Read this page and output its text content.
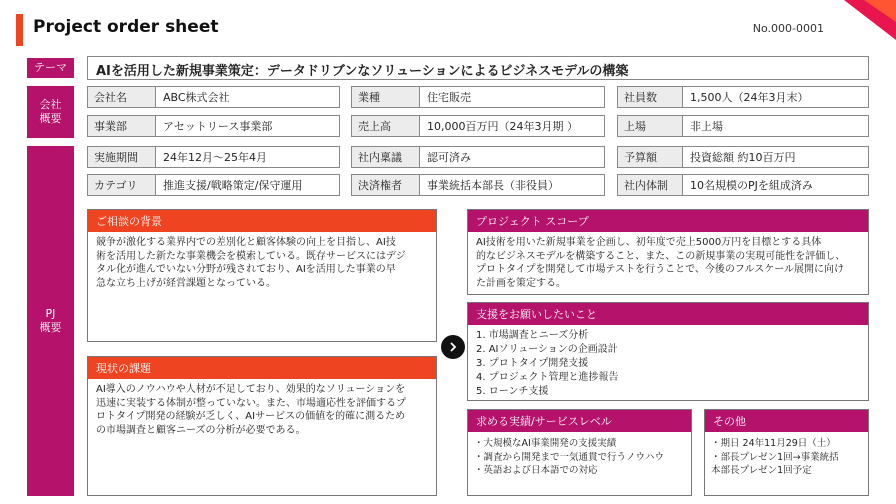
Project order sheet	No.000-0001
テーマ	AIを活用した新規事業策定：データドリブンなソリューションによるビジネスモデルの構築
会社
概要
会社名	ABC株式会社	業種	住宅販売	社員数	1,500人（24年3月末）
事業部	アセットリース事業部	売上高	10,000百万円（24年3月期 ）	上場	非上場
PJ
概要
実施期間	24年12月～25年4月	社内稟議	認可済み	予算額	投資総額 約10百万円
カテゴリ	推進支援/戦略策定/保守運用	決済権者	事業統括本部長（非役員）	社内体制	10名規模のPJを組成済み
ご相談の背景
競争が激化する業界内での差別化と顧客体験の向上を目指し、AI技
術を活用した新たな事業機会を模索している。既存サービスにはデジ
タル化が進んでいない分野が残されており、AIを活用した事業の早
急な立ち上げが経営課題となっている。
現状の課題
AI導入のノウハウや人材が不足しており、効果的なソリューションを
迅速に実装する体制が整っていない。また、市場適応性を評価するプ
ロトタイプ開発の経験が乏しく、AIサービスの価値を的確に測るため
の市場調査と顧客ニーズの分析が必要である。
プロジェクト スコープ
AI技術を用いた新規事業を企画し、初年度で売上5000万円を目標とする具体
的なビジネスモデルを構築すること、また、この新規事業の実現可能性を評価し、
プロトタイプを開発して市場テストを行うことで、今後のフルスケール展開に向け
た計画を策定する。
支援をお願いしたいこと
1. 市場調査とニーズ分析
2. AIソリューションの企画設計
3. プロトタイプ開発支援
4. プロジェクト管理と進捗報告
5. ローンチ支援
求める実績/サービスレベル
・大規模なAI事業開発の支援実績
・調査から開発まで一気通貫で行うノウハウ
・英語および日本語での対応
その他
・期日 24年11月29日（土）
・部長プレゼン1回→事業統括
本部長プレゼン1回予定
